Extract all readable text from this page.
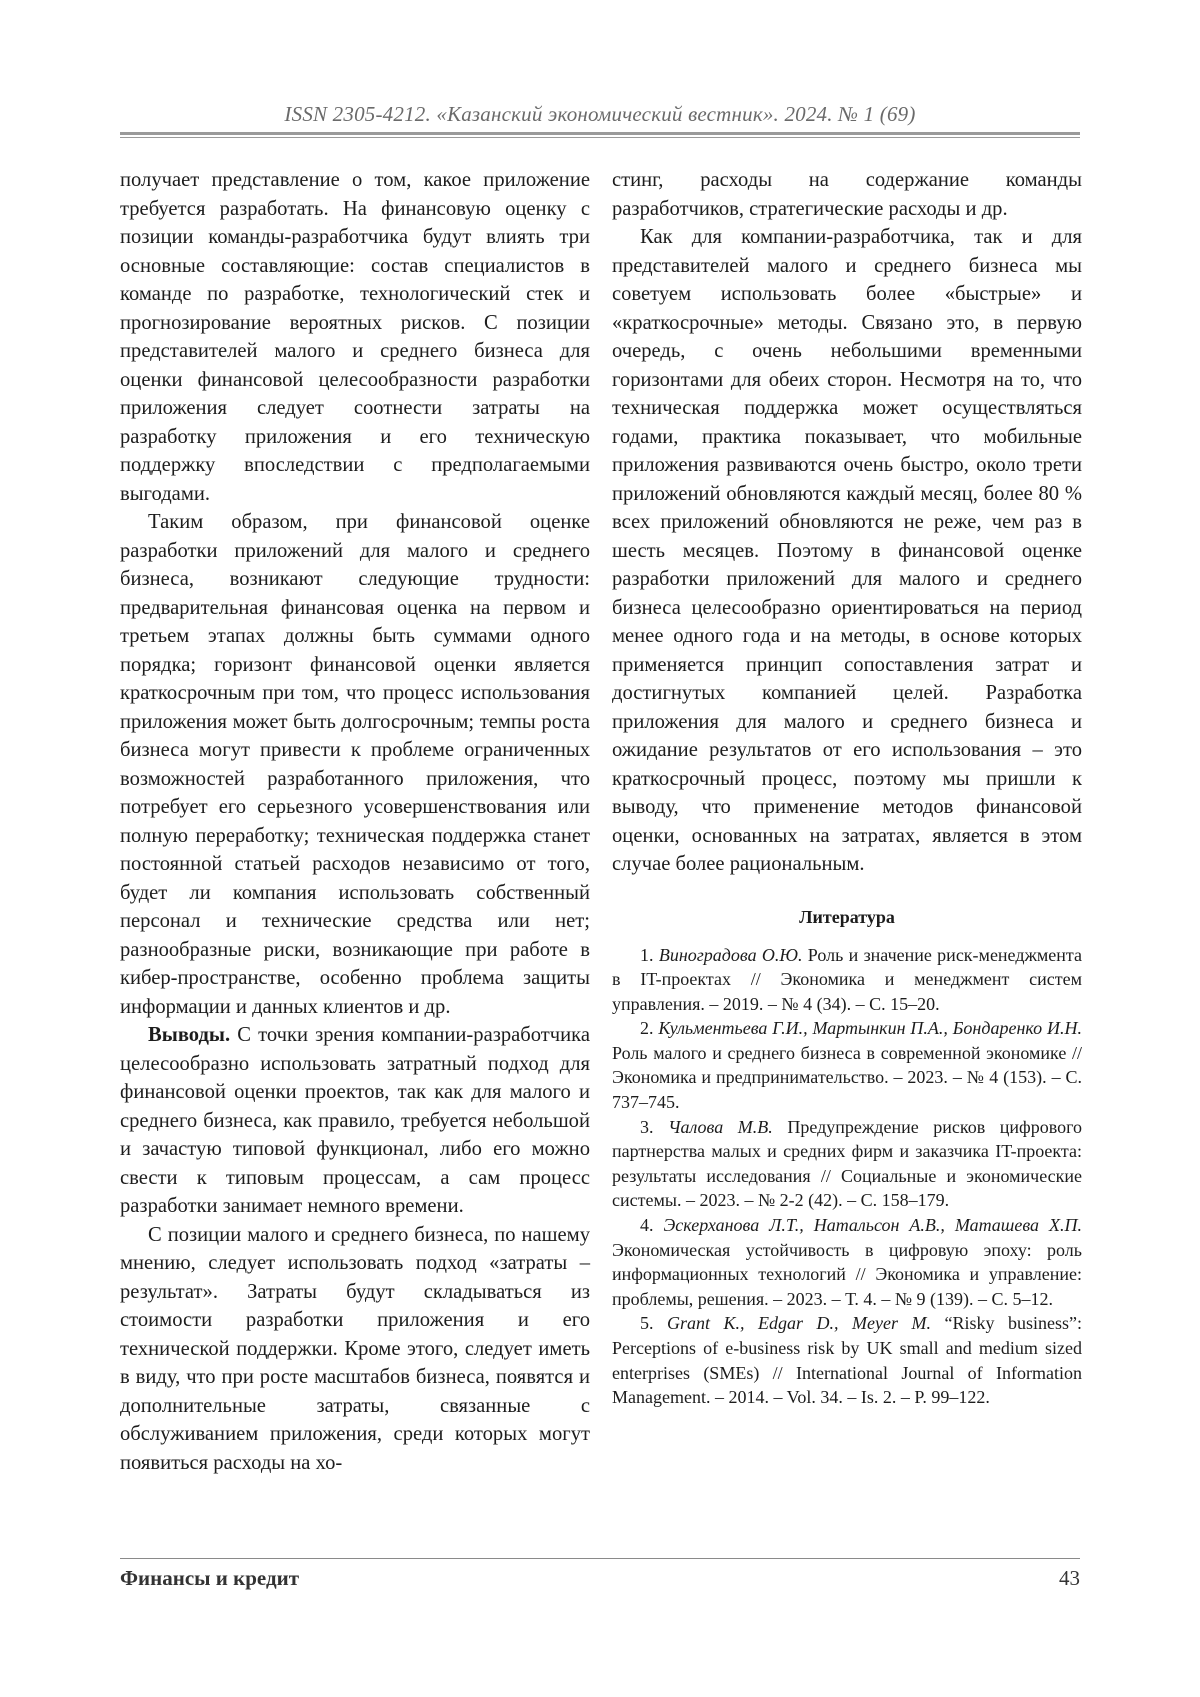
ISSN 2305-4212. «Казанский экономический вестник». 2024. № 1 (69)

получает представление о том, какое приложение требуется разработать. На финансовую оценку с позиции команды-разработчика будут влиять три основные составляющие: состав специалистов в команде по разработке, технологический стек и прогнозирование вероятных рисков. С позиции представителей малого и среднего бизнеса для оценки финансовой целесообразности разработки приложения следует соотнести затраты на разработку приложения и его техническую поддержку впоследствии с предполагаемыми выгодами.

Таким образом, при финансовой оценке разработки приложений для малого и среднего бизнеса, возникают следующие трудности: предварительная финансовая оценка на первом и третьем этапах должны быть суммами одного порядка; горизонт финансовой оценки является краткосрочным при том, что процесс использования приложения может быть долгосрочным; темпы роста бизнеса могут привести к проблеме ограниченных возможностей разработанного приложения, что потребует его серьезного усовершенствования или полную переработку; техническая поддержка станет постоянной статьей расходов независимо от того, будет ли компания использовать собственный персонал и технические средства или нет; разнообразные риски, возникающие при работе в кибер-пространстве, особенно проблема защиты информации и данных клиентов и др.

Выводы. С точки зрения компании-разработчика целесообразно использовать затратный подход для финансовой оценки проектов, так как для малого и среднего бизнеса, как правило, требуется небольшой и зачастую типовой функционал, либо его можно свести к типовым процессам, а сам процесс разработки занимает немного времени.

С позиции малого и среднего бизнеса, по нашему мнению, следует использовать подход «затраты – результат». Затраты будут складываться из стоимости разработки приложения и его технической поддержки. Кроме этого, следует иметь в виду, что при росте масштабов бизнеса, появятся и дополнительные затраты, связанные с обслуживанием приложения, среди которых могут появиться расходы на хо-

стинг, расходы на содержание команды разработчиков, стратегические расходы и др.

Как для компании-разработчика, так и для представителей малого и среднего бизнеса мы советуем использовать более «быстрые» и «краткосрочные» методы. Связано это, в первую очередь, с очень небольшими временными горизонтами для обеих сторон. Несмотря на то, что техническая поддержка может осуществляться годами, практика показывает, что мобильные приложения развиваются очень быстро, около трети приложений обновляются каждый месяц, более 80 % всех приложений обновляются не реже, чем раз в шесть месяцев. Поэтому в финансовой оценке разработки приложений для малого и среднего бизнеса целесообразно ориентироваться на период менее одного года и на методы, в основе которых применяется принцип сопоставления затрат и достигнутых компанией целей. Разработка приложения для малого и среднего бизнеса и ожидание результатов от его использования – это краткосрочный процесс, поэтому мы пришли к выводу, что применение методов финансовой оценки, основанных на затратах, является в этом случае более рациональным.

Литература

1. Виноградова О.Ю. Роль и значение риск-менеджмента в IT-проектах // Экономика и менеджмент систем управления. – 2019. – № 4 (34). – С. 15–20.

2. Кульментьева Г.И., Мартынкин П.А., Бондаренко И.Н. Роль малого и среднего бизнеса в современной экономике // Экономика и предпринимательство. – 2023. – № 4 (153). – С. 737–745.

3. Чалова М.В. Предупреждение рисков цифрового партнерства малых и средних фирм и заказчика IT-проекта: результаты исследования // Социальные и экономические системы. – 2023. – № 2-2 (42). – С. 158–179.

4. Эскерханова Л.Т., Натальсон А.В., Маташева Х.П. Экономическая устойчивость в цифровую эпоху: роль информационных технологий // Экономика и управление: проблемы, решения. – 2023. – Т. 4. – № 9 (139). – С. 5–12.

5. Grant K., Edgar D., Meyer M. “Risky business”: Perceptions of e-business risk by UK small and medium sized enterprises (SMEs) // International Journal of Information Management. – 2014. – Vol. 34. – Is. 2. – P. 99–122.

Финансы и кредит	43
